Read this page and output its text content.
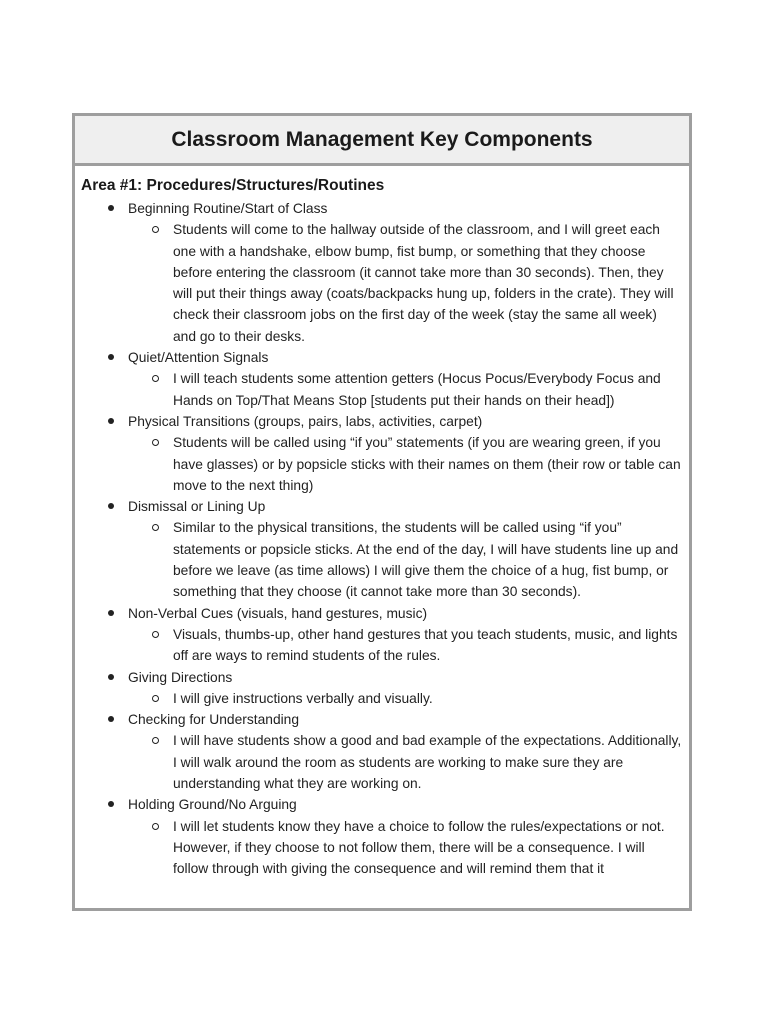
Classroom Management Key Components
Area #1: Procedures/Structures/Routines
Beginning Routine/Start of Class
Students will come to the hallway outside of the classroom, and I will greet each one with a handshake, elbow bump, fist bump, or something that they choose before entering the classroom (it cannot take more than 30 seconds). Then, they will put their things away (coats/backpacks hung up, folders in the crate). They will check their classroom jobs on the first day of the week (stay the same all week) and go to their desks.
Quiet/Attention Signals
I will teach students some attention getters (Hocus Pocus/Everybody Focus and Hands on Top/That Means Stop [students put their hands on their head])
Physical Transitions (groups, pairs, labs, activities, carpet)
Students will be called using “if you” statements (if you are wearing green, if you have glasses) or by popsicle sticks with their names on them (their row or table can move to the next thing)
Dismissal or Lining Up
Similar to the physical transitions, the students will be called using “if you” statements or popsicle sticks. At the end of the day, I will have students line up and before we leave (as time allows) I will give them the choice of a hug, fist bump, or something that they choose (it cannot take more than 30 seconds).
Non-Verbal Cues (visuals, hand gestures, music)
Visuals, thumbs-up, other hand gestures that you teach students, music, and lights off are ways to remind students of the rules.
Giving Directions
I will give instructions verbally and visually.
Checking for Understanding
I will have students show a good and bad example of the expectations. Additionally, I will walk around the room as students are working to make sure they are understanding what they are working on.
Holding Ground/No Arguing
I will let students know they have a choice to follow the rules/expectations or not. However, if they choose to not follow them, there will be a consequence. I will follow through with giving the consequence and will remind them that it
